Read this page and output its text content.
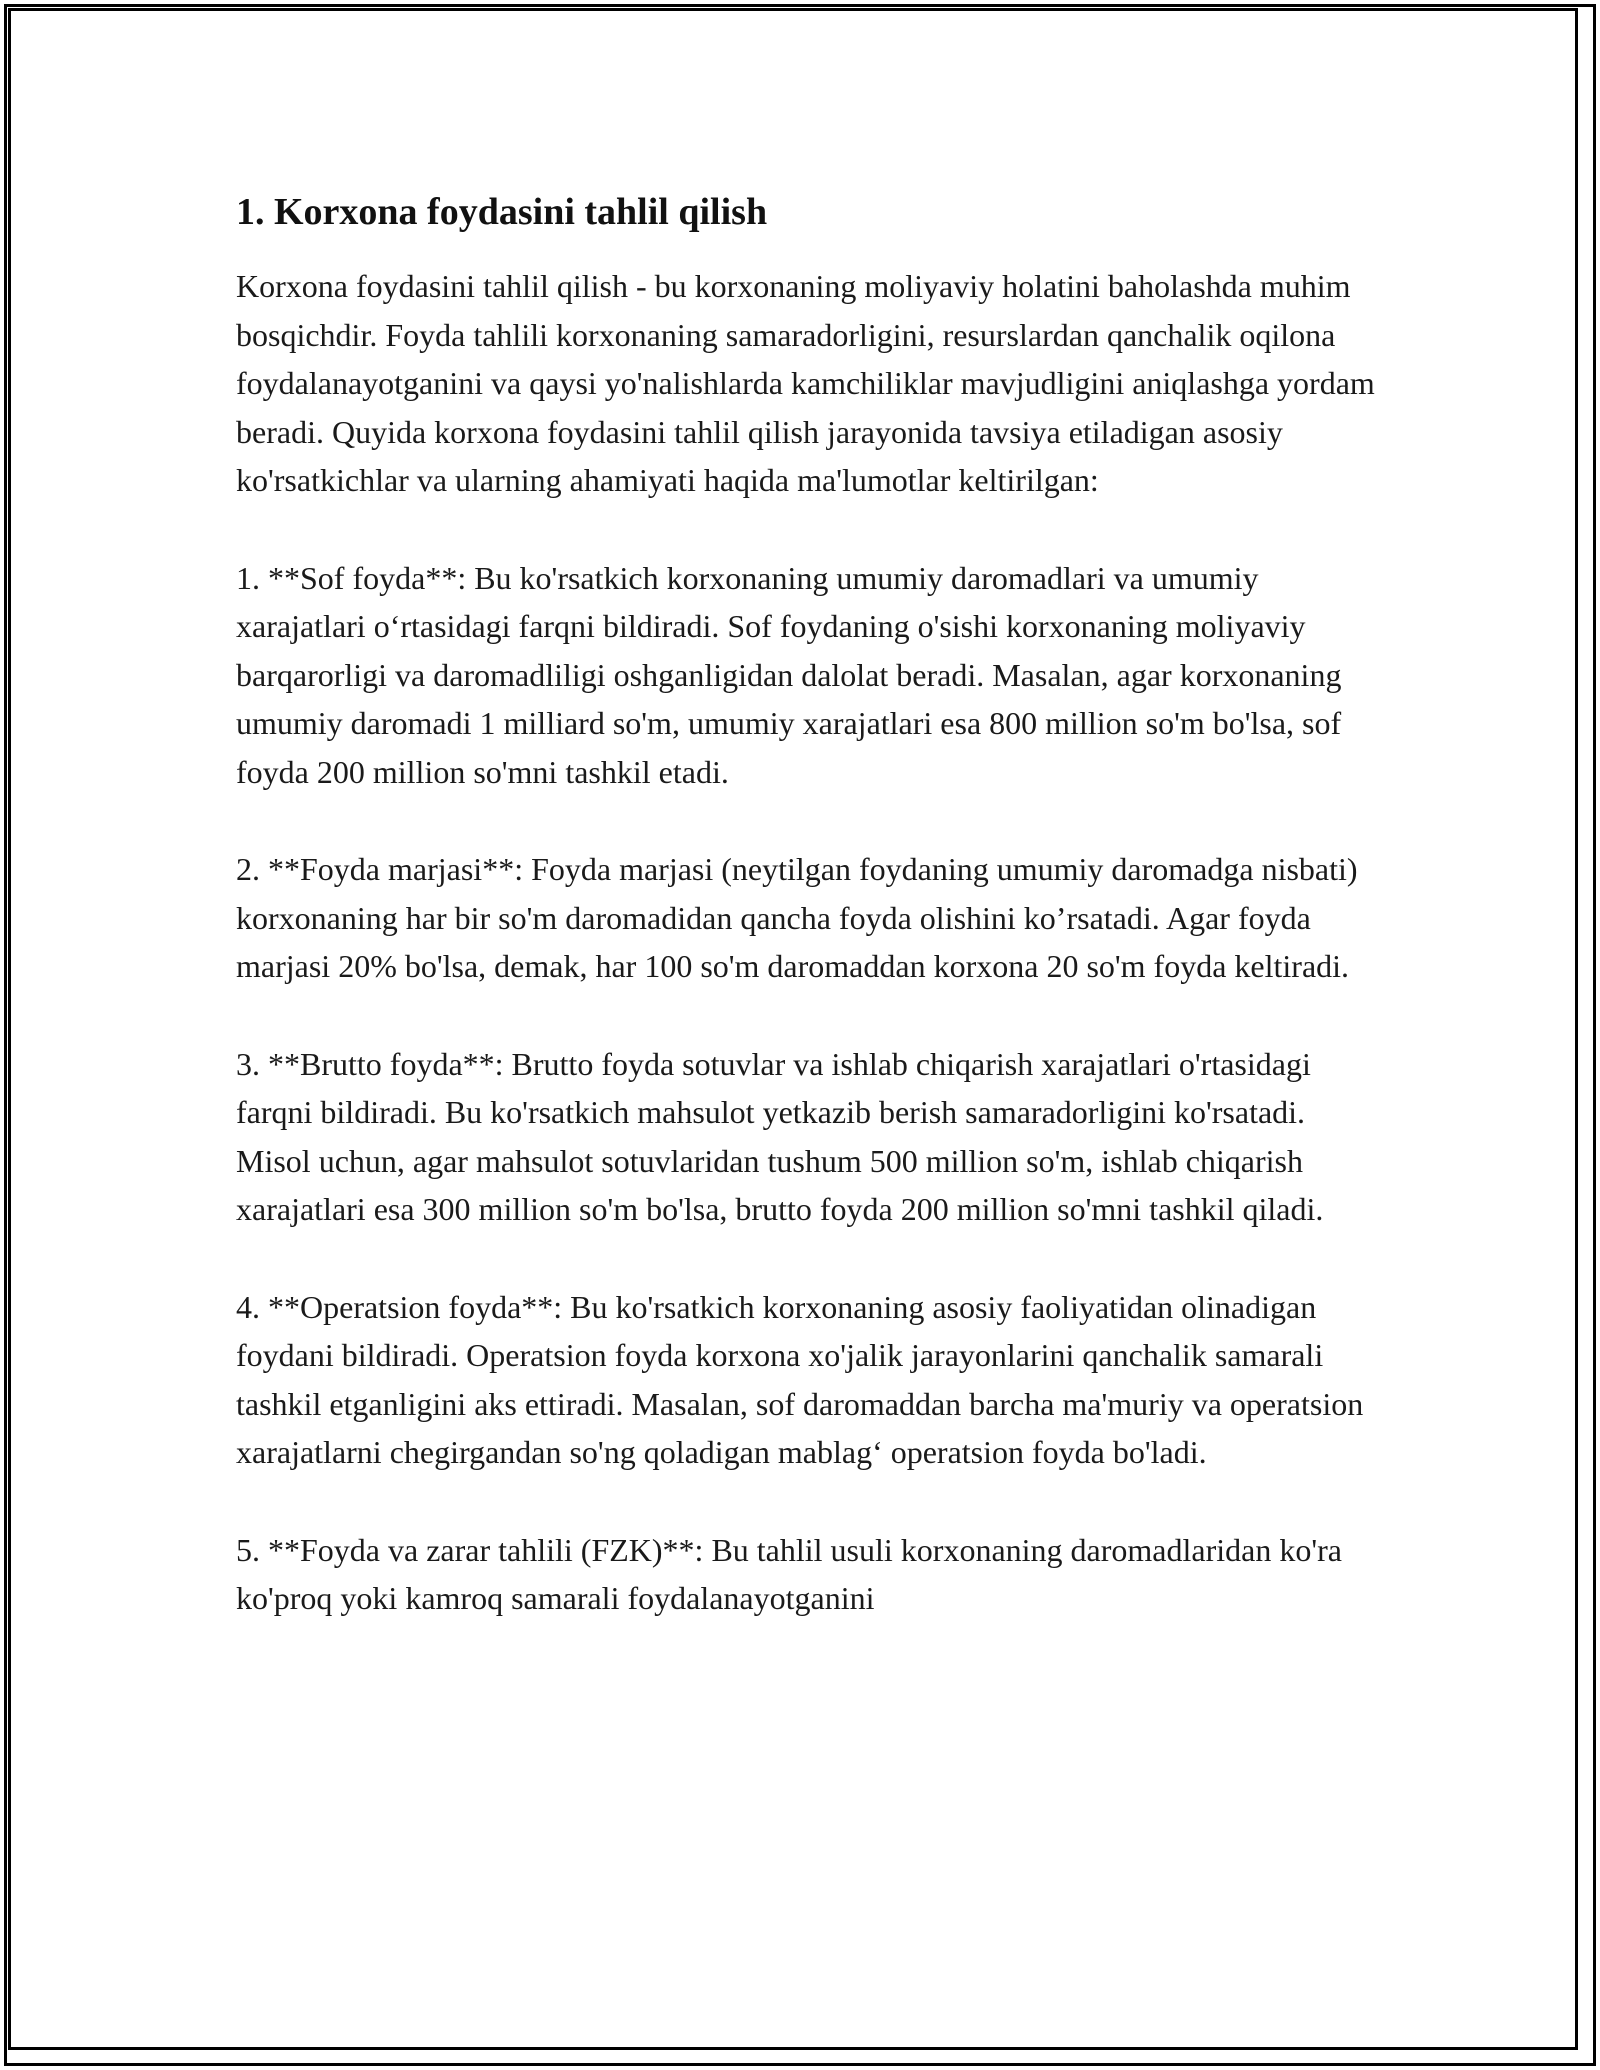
1. Korxona foydasini tahlil qilish

Korxona foydasini tahlil qilish - bu korxonaning moliyaviy holatini baholashda muhim bosqichdir. Foyda tahlili korxonaning samaradorligini, resurslardan qanchalik oqilona foydalanayotganini va qaysi yo'nalishlarda kamchiliklar mavjudligini aniqlashga yordam beradi. Quyida korxona foydasini tahlil qilish jarayonida tavsiya etiladigan asosiy ko'rsatkichlar va ularning ahamiyati haqida ma'lumotlar keltirilgan:

1. **Sof foyda**: Bu ko'rsatkich korxonaning umumiy daromadlari va umumiy xarajatlari o‘rtasidagi farqni bildiradi. Sof foydaning o'sishi korxonaning moliyaviy barqarorligi va daromadliligi oshganligidan dalolat beradi. Masalan, agar korxonaning umumiy daromadi 1 milliard so'm, umumiy xarajatlari esa 800 million so'm bo'lsa, sof foyda 200 million so'mni tashkil etadi.

2. **Foyda marjasi**: Foyda marjasi (neytilgan foydaning umumiy daromadga nisbati) korxonaning har bir so'm daromadidan qancha foyda olishini ko’rsatadi. Agar foyda marjasi 20% bo'lsa, demak, har 100 so'm daromaddan korxona 20 so'm foyda keltiradi.

3. **Brutto foyda**: Brutto foyda sotuvlar va ishlab chiqarish xarajatlari o'rtasidagi farqni bildiradi. Bu ko'rsatkich mahsulot yetkazib berish samaradorligini ko'rsatadi. Misol uchun, agar mahsulot sotuvlaridan tushum 500 million so'm, ishlab chiqarish xarajatlari esa 300 million so'm bo'lsa, brutto foyda 200 million so'mni tashkil qiladi.

4. **Operatsion foyda**: Bu ko'rsatkich korxonaning asosiy faoliyatidan olinadigan foydani bildiradi. Operatsion foyda korxona xo'jalik jarayonlarini qanchalik samarali tashkil etganligini aks ettiradi. Masalan, sof daromaddan barcha ma'muriy va operatsion xarajatlarni chegirgandan so'ng qoladigan mablag‘ operatsion foyda bo'ladi.

5. **Foyda va zarar tahlili (FZK)**: Bu tahlil usuli korxonaning daromadlaridan ko'ra ko'proq yoki kamroq samarali foydalanayotganini
